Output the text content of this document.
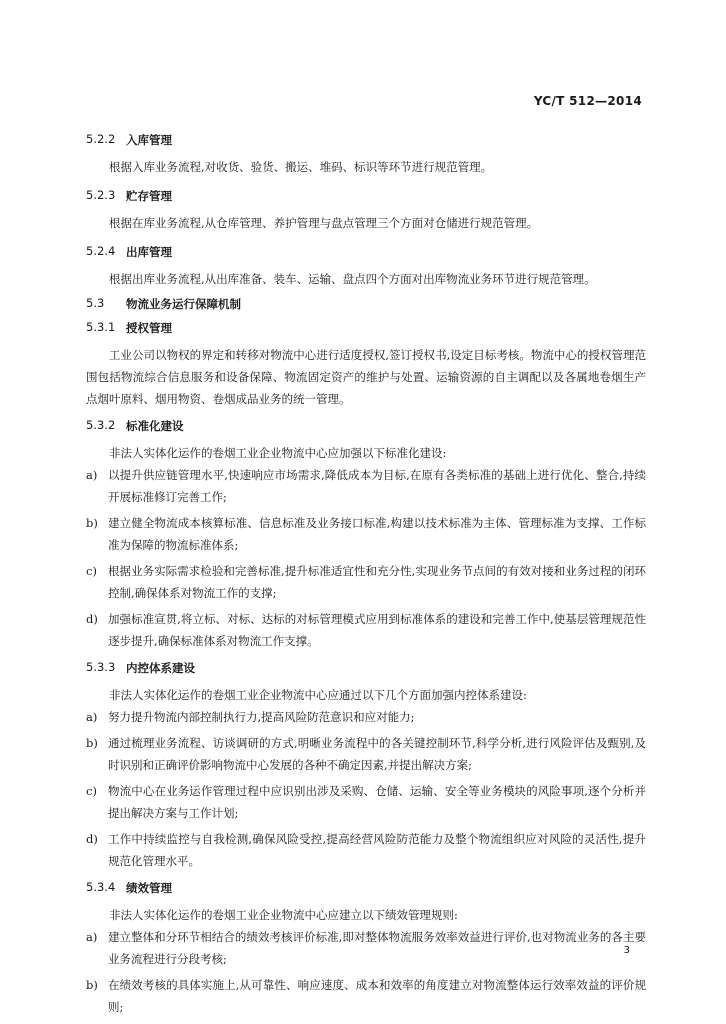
YC/T 512—2014
5.2.2 入库管理

根据入库业务流程,对收货、验货、搬运、堆码、标识等环节进行规范管理。

5.2.3 贮存管理

根据在库业务流程,从仓库管理、养护管理与盘点管理三个方面对仓储进行规范管理。

5.2.4 出库管理

根据出库业务流程,从出库准备、装车、运输、盘点四个方面对出库物流业务环节进行规范管理。

5.3	物流业务运行保障机制
5.3.1 授权管理

工业公司以物权的界定和转移对物流中心进行适度授权,签订授权书,设定目标考核。物流中心的授权管理范围包括物流综合信息服务和设备保障、物流固定资产的维护与处置、运输资源的自主调配以及各属地卷烟生产点烟叶原料、烟用物资、卷烟成品业务的统一管理。

5.3.2 标准化建设

非法人实体化运作的卷烟工业企业物流中心应加强以下标准化建设:

a) 以提升供应链管理水平,快速响应市场需求,降低成本为目标,在原有各类标准的基础上进行优化、整合,持续开展标准修订完善工作;
b) 建立健全物流成本核算标准、信息标准及业务接口标准,构建以技术标准为主体、管理标准为支撑、工作标准为保障的物流标准体系;
c) 根据业务实际需求检验和完善标准,提升标准适宜性和充分性,实现业务节点间的有效对接和业务过程的闭环控制,确保体系对物流工作的支撑;
d) 加强标准宣贯,将立标、对标、达标的对标管理模式应用到标准体系的建设和完善工作中,使基层管理规范性逐步提升,确保标准体系对物流工作支撑。
5.3.3 内控体系建设

非法人实体化运作的卷烟工业企业物流中心应通过以下几个方面加强内控体系建设:

a) 努力提升物流内部控制执行力,提高风险防范意识和应对能力;
b) 通过梳理业务流程、访谈调研的方式,明晰业务流程中的各关键控制环节,科学分析,进行风险评估及甄别,及时识别和正确评价影响物流中心发展的各种不确定因素,并提出解决方案;
c) 物流中心在业务运作管理过程中应识别出涉及采购、仓储、运输、安全等业务模块的风险事项,逐个分析并提出解决方案与工作计划;
d) 工作中持续监控与自我检测,确保风险受控,提高经营风险防范能力及整个物流组织应对风险的灵活性,提升规范化管理水平。
5.3.4 绩效管理

非法人实体化运作的卷烟工业企业物流中心应建立以下绩效管理规则:

a) 建立整体和分环节相结合的绩效考核评价标准,即对整体物流服务效率效益进行评价,也对物流业务的各主要业务流程进行分段考核;
b) 在绩效考核的具体实施上,从可靠性、响应速度、成本和效率的角度建立对物流整体运行效率效益的评价规则;
3
